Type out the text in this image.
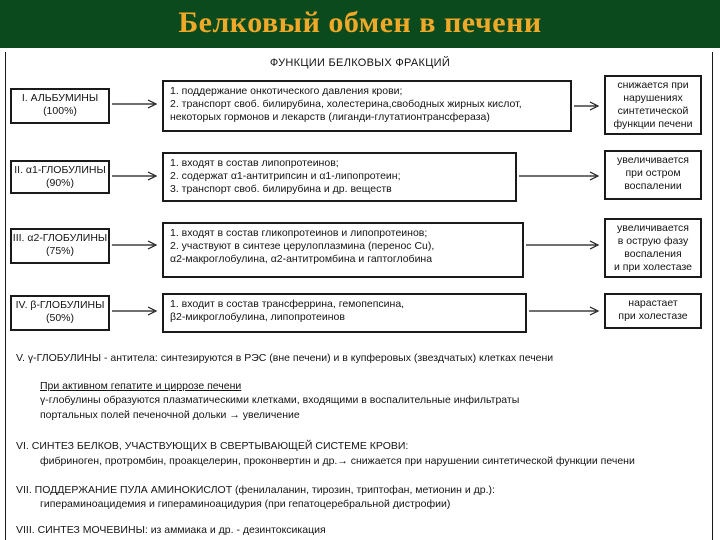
Белковый обмен в печени
ФУНКЦИИ БЕЛКОВЫХ ФРАКЦИЙ
I. АЛЬБУМИНЫ
(100%)
1. поддержание онкотического давления крови;
2. транспорт своб. билирубина, холестерина,свободных жирных кислот,
некоторых гормонов и лекарств (лиганди-глутатионтрансфераза)
снижается при
нарушениях
синтетической
функции печени
II. α1-ГЛОБУЛИНЫ
(90%)
1. входят в состав липопротеинов;
2. содержат α1-антитрипсин и α1-липопротеин;
3. транспорт своб. билирубина и др. веществ
увеличивается
при остром
воспалении
III. α2-ГЛОБУЛИНЫ
(75%)
1. входят в состав гликопротеинов и липопротеинов;
2. участвуют в синтезе церулоплазмина (перенос Cu),
α2-макроглобулина, α2-антитромбина и гаптоглобина
увеличивается
в острую фазу
воспаления
и при холестазе
IV. β-ГЛОБУЛИНЫ
(50%)
1. входит в состав трансферрина, гемопепсина,
β2-микроглобулина, липопротеинов
нарастает
при холестазе
V. γ-ГЛОБУЛИНЫ - антитела: синтезируются в РЭС (вне печени) и в купферовых (звездчатых) клетках печени
При активном гепатите и циррозе печени
γ-глобулины образуются плазматическими клетками, входящими в воспалительные инфильтраты
портальных полей печеночной дольки → увеличение
VI. СИНТЕЗ БЕЛКОВ, УЧАСТВУЮЩИХ В СВЕРТЫВАЮЩЕЙ СИСТЕМЕ КРОВИ:
фибриноген, протромбин, проакцелерин, проконвертин и др.→ снижается при нарушении синтетической функции печени
VII. ПОДДЕРЖАНИЕ ПУЛА АМИНОКИСЛОТ (фенилаланин, тирозин, триптофан, метионин и др.):
гипераминоацидемия и гипераминоацидурия (при гепатоцеребральной дистрофии)
VIII. СИНТЕЗ МОЧЕВИНЫ: из аммиака и др. - дезинтоксикация
